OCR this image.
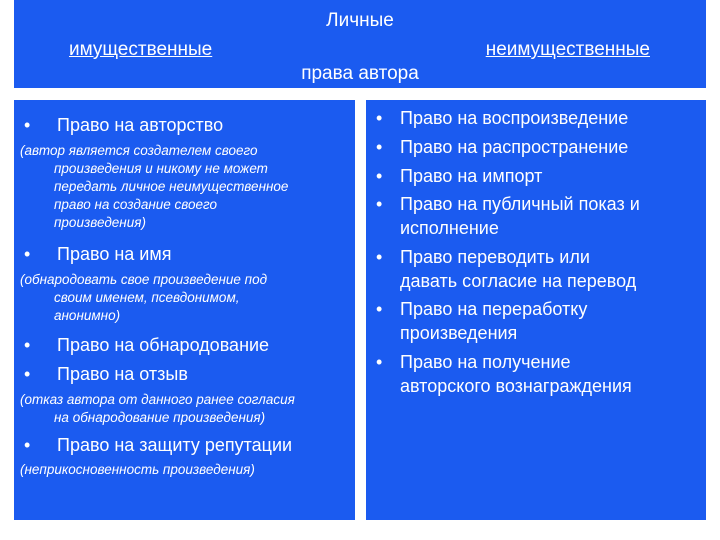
Личные
имущественные	неимущественные
права автора
• Право на авторство
(автор является создателем своего
произведения и никому не может
передать личное неимущественное
право на создание своего
произведения)
• Право на имя
(обнародовать свое произведение под
своим именем, псевдонимом,
анонимно)
• Право на обнародование
• Право на отзыв
(отказ автора от данного ранее согласия
на обнародование произведения)
• Право на защиту репутации
(неприкосновенность произведения)
• Право на воспроизведение
• Право на распространение
• Право на импорт
• Право на публичный показ и
исполнение
• Право переводить или
давать согласие на перевод
• Право на переработку
произведения
• Право на получение
авторского вознаграждения
